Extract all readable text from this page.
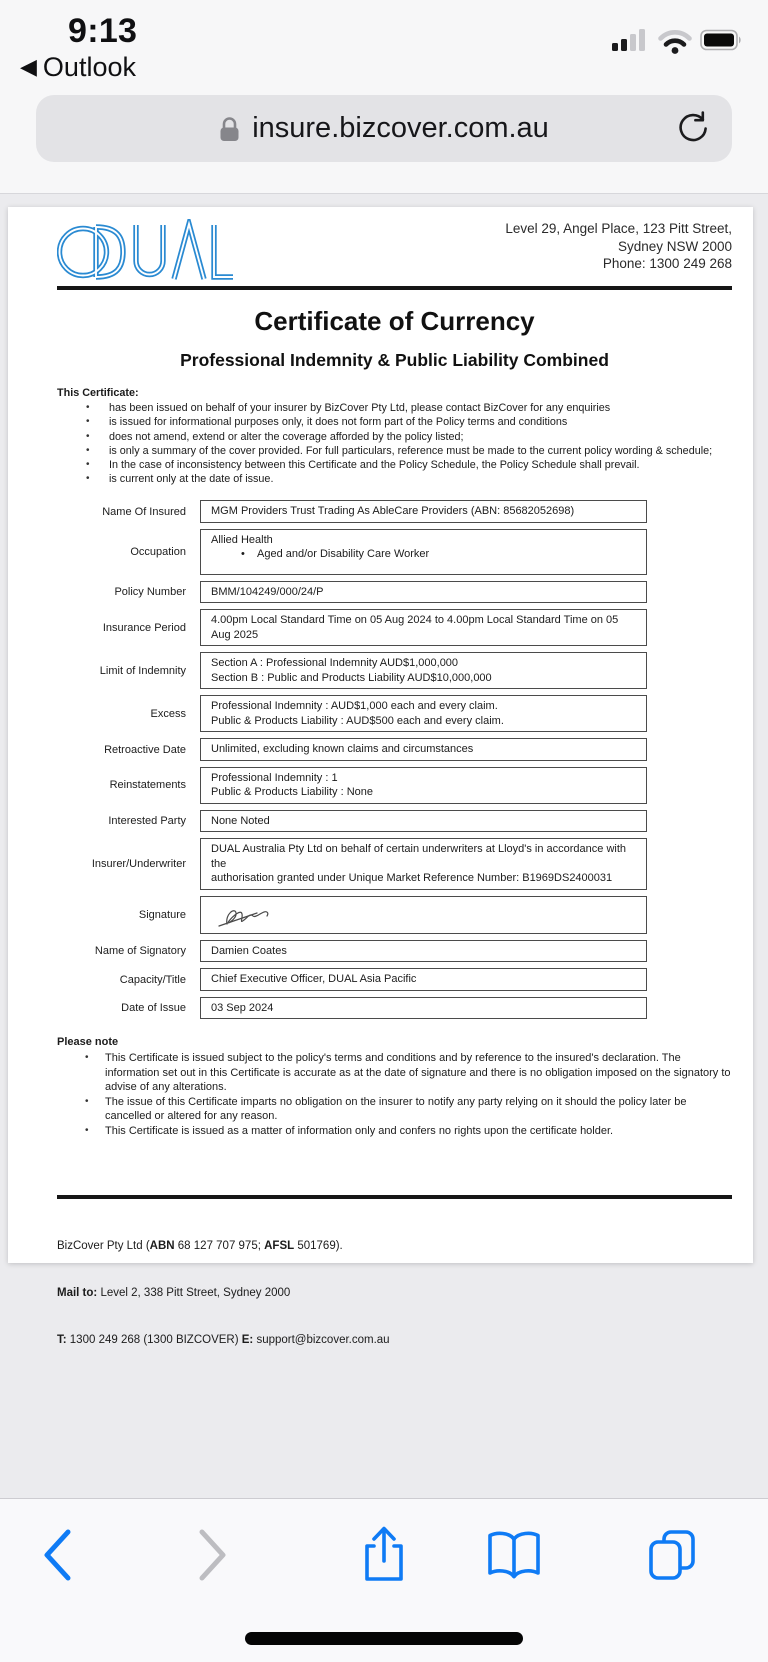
9:13
◀ Outlook
insure.bizcover.com.au
Level 29, Angel Place, 123 Pitt Street,
Sydney NSW 2000
Phone: 1300 249 268
Certificate of Currency
Professional Indemnity & Public Liability Combined
This Certificate:
• has been issued on behalf of your insurer by BizCover Pty Ltd, please contact BizCover for any enquiries
• is issued for informational purposes only, it does not form part of the Policy terms and conditions
• does not amend, extend or alter the coverage afforded by the policy listed;
• is only a summary of the cover provided. For full particulars, reference must be made to the current policy wording & schedule;
• In the case of inconsistency between this Certificate and the Policy Schedule, the Policy Schedule shall prevail.
• is current only at the date of issue.
Name Of Insured MGM Providers Trust Trading As AbleCare Providers (ABN: 85682052698)
Occupation
Allied Health
• Aged and/or Disability Care Worker
Policy Number BMM/104249/000/24/P
Insurance Period
4.00pm Local Standard Time on 05 Aug 2024 to 4.00pm Local Standard Time on 05 Aug 2025
Limit of Indemnity
Section A : Professional Indemnity AUD$1,000,000
Section B : Public and Products Liability AUD$10,000,000
Excess
Professional Indemnity : AUD$1,000 each and every claim.
Public & Products Liability : AUD$500 each and every claim.
Retroactive Date Unlimited, excluding known claims and circumstances
Reinstatements
Professional Indemnity : 1
Public & Products Liability : None
Interested Party None Noted
Insurer/Underwriter
DUAL Australia Pty Ltd on behalf of certain underwriters at Lloyd's in accordance with the
authorisation granted under Unique Market Reference Number: B1969DS2400031
Signature
Name of Signatory Damien Coates
Capacity/Title Chief Executive Officer, DUAL Asia Pacific
Date of Issue 03 Sep 2024
Please note
• This Certificate is issued subject to the policy's terms and conditions and by reference to the insured's declaration. The information set out in this Certificate is accurate as at the date of signature and there is no obligation imposed on the signatory to advise of any alterations.
• The issue of this Certificate imparts no obligation on the insurer to notify any party relying on it should the policy later be cancelled or altered for any reason.
• This Certificate is issued as a matter of information only and confers no rights upon the certificate holder.

BizCover Pty Ltd (ABN 68 127 707 975; AFSL 501769).

Mail to: Level 2, 338 Pitt Street, Sydney 2000

T: 1300 249 268 (1300 BIZCOVER) E: support@bizcover.com.au
